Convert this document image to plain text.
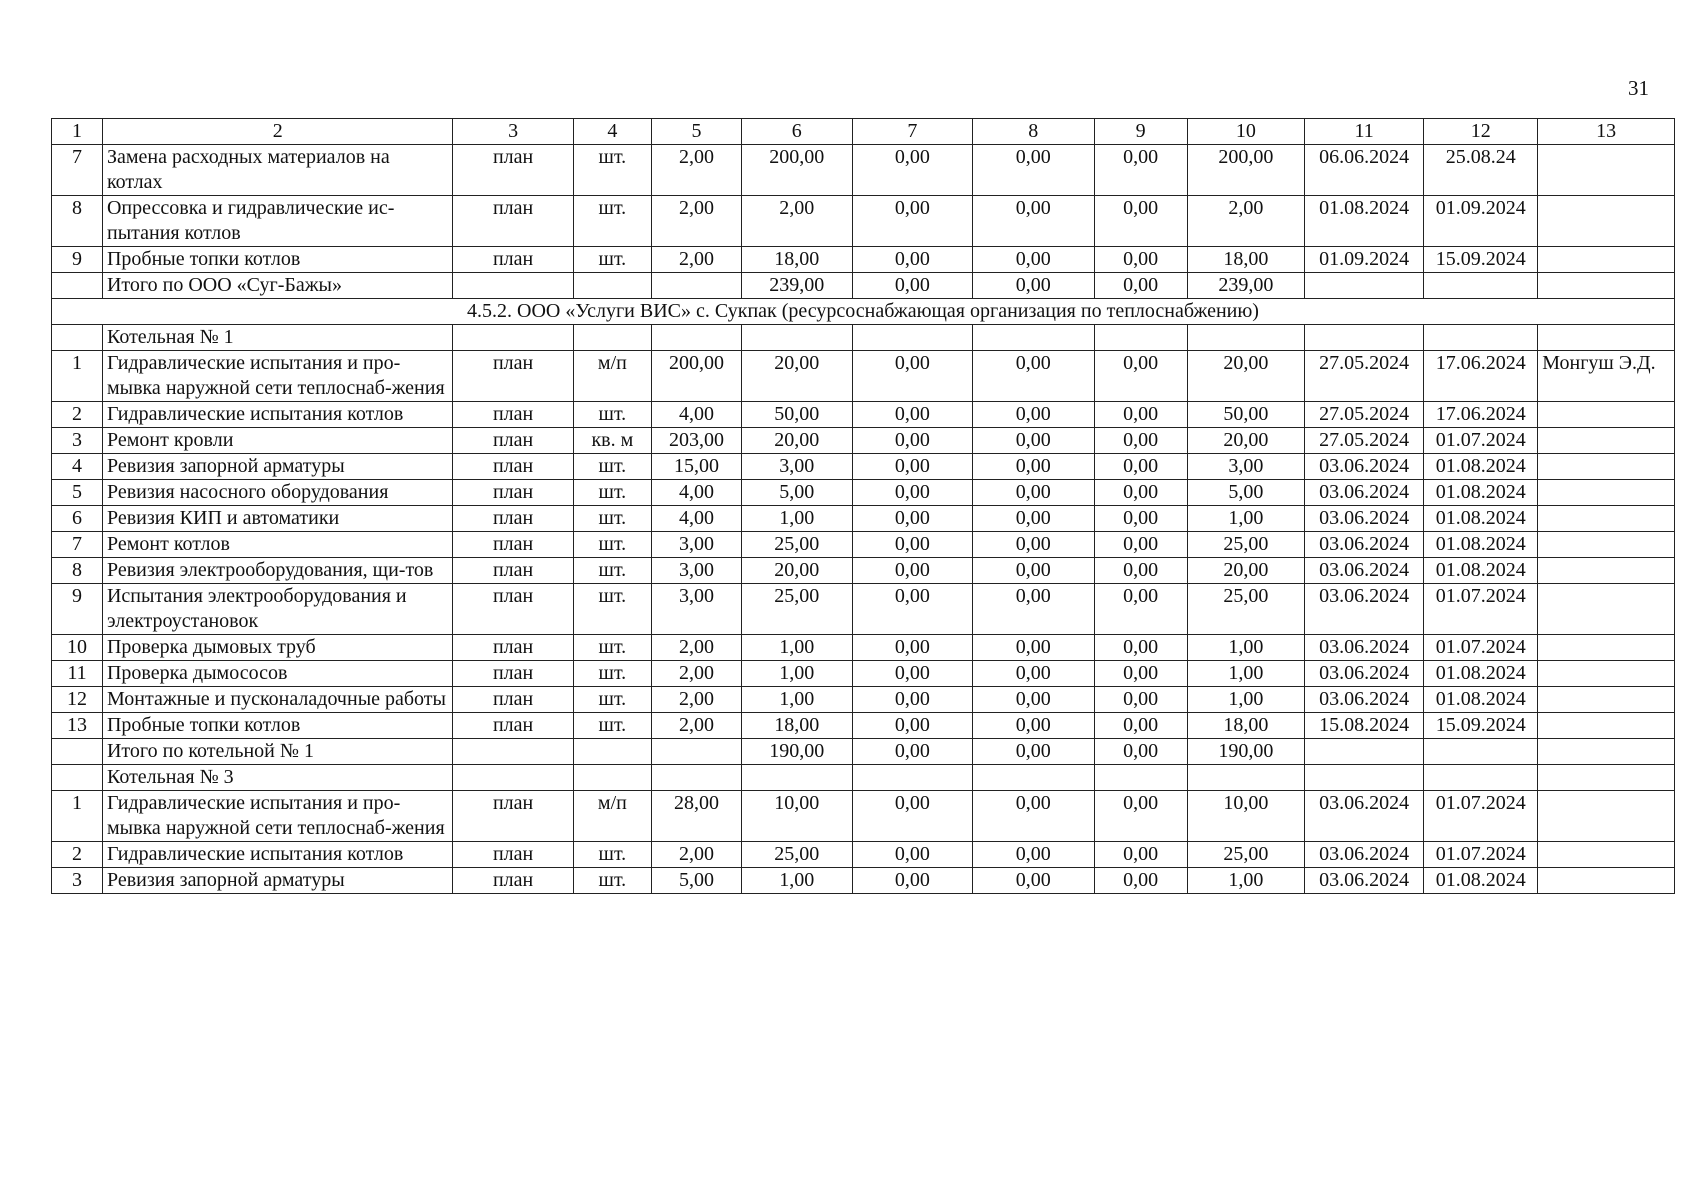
31
1	2	3	4	5	6	7	8	9	10	11	12	13
7	Замена расходных материалов на котлах	план	шт.	2,00	200,00	0,00	0,00	0,00	200,00	06.06.2024	25.08.24	
8	Опрессовка и гидравлические ис-пытания котлов	план	шт.	2,00	2,00	0,00	0,00	0,00	2,00	01.08.2024	01.09.2024	
9	Пробные топки котлов	план	шт.	2,00	18,00	0,00	0,00	0,00	18,00	01.09.2024	15.09.2024	
	Итого по ООО «Суг-Бажы»				239,00	0,00	0,00	0,00	239,00			
4.5.2. ООО «Услуги ВИС» с. Сукпак (ресурсоснабжающая организация по теплоснабжению)												
	Котельная № 1											
1	Гидравлические испытания и про-мывка наружной сети теплоснаб-жения	план	м/п	200,00	20,00	0,00	0,00	0,00	20,00	27.05.2024	17.06.2024	Монгуш Э.Д.
2	Гидравлические испытания котлов	план	шт.	4,00	50,00	0,00	0,00	0,00	50,00	27.05.2024	17.06.2024	
3	Ремонт кровли	план	кв. м	203,00	20,00	0,00	0,00	0,00	20,00	27.05.2024	01.07.2024	
4	Ревизия запорной арматуры	план	шт.	15,00	3,00	0,00	0,00	0,00	3,00	03.06.2024	01.08.2024	
5	Ревизия насосного оборудования	план	шт.	4,00	5,00	0,00	0,00	0,00	5,00	03.06.2024	01.08.2024	
6	Ревизия КИП и автоматики	план	шт.	4,00	1,00	0,00	0,00	0,00	1,00	03.06.2024	01.08.2024	
7	Ремонт котлов	план	шт.	3,00	25,00	0,00	0,00	0,00	25,00	03.06.2024	01.08.2024	
8	Ревизия электрооборудования, щи-тов	план	шт.	3,00	20,00	0,00	0,00	0,00	20,00	03.06.2024	01.08.2024	
9	Испытания электрооборудования и электроустановок	план	шт.	3,00	25,00	0,00	0,00	0,00	25,00	03.06.2024	01.07.2024	
10	Проверка дымовых труб	план	шт.	2,00	1,00	0,00	0,00	0,00	1,00	03.06.2024	01.07.2024	
11	Проверка дымососов	план	шт.	2,00	1,00	0,00	0,00	0,00	1,00	03.06.2024	01.08.2024	
12	Монтажные и пусконаладочные работы	план	шт.	2,00	1,00	0,00	0,00	0,00	1,00	03.06.2024	01.08.2024	
13	Пробные топки котлов	план	шт.	2,00	18,00	0,00	0,00	0,00	18,00	15.08.2024	15.09.2024	
	Итого по котельной № 1				190,00	0,00	0,00	0,00	190,00			
	Котельная № 3											
1	Гидравлические испытания и про-мывка наружной сети теплоснаб-жения	план	м/п	28,00	10,00	0,00	0,00	0,00	10,00	03.06.2024	01.07.2024	
2	Гидравлические испытания котлов	план	шт.	2,00	25,00	0,00	0,00	0,00	25,00	03.06.2024	01.07.2024	
3	Ревизия запорной арматуры	план	шт.	5,00	1,00	0,00	0,00	0,00	1,00	03.06.2024	01.08.2024	
